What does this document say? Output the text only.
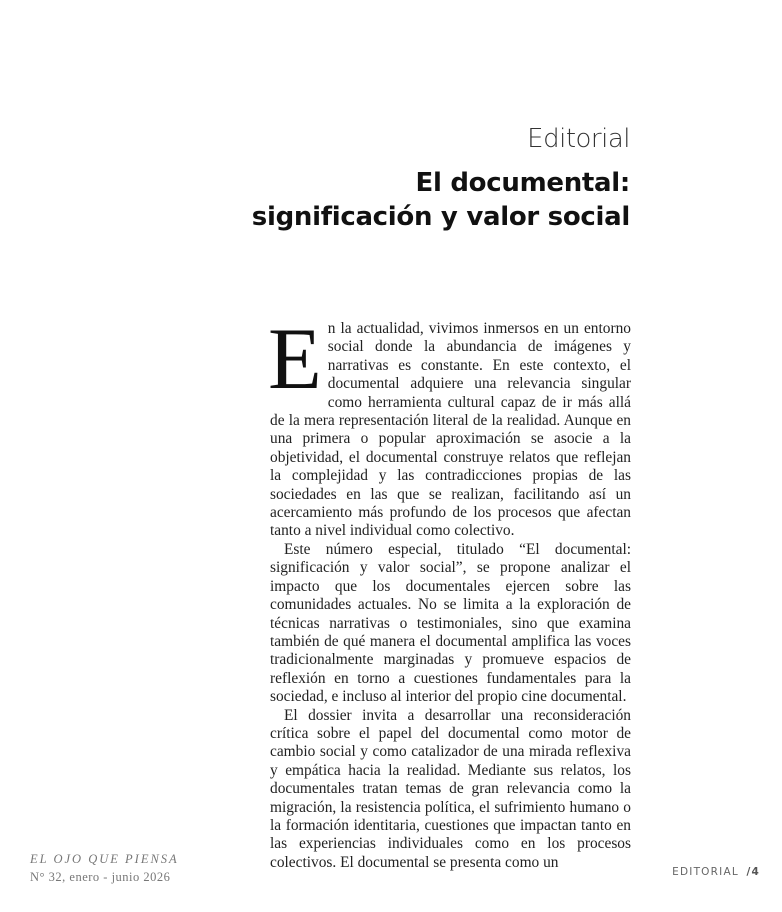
Editorial
El documental:
significación y valor social

En la actualidad, vivimos inmersos en un entorno social donde la abundancia de imágenes y narrativas es constante. En este contexto, el documental adquiere una relevancia singular como herramienta cultural capaz de ir más allá de la mera representación literal de la realidad. Aunque en una primera o popular aproximación se asocie a la objetividad, el documental construye relatos que reflejan la complejidad y las contradicciones propias de las sociedades en las que se realizan, facilitando así un acercamiento más profundo de los procesos que afectan tanto a nivel individual como colectivo.

Este número especial, titulado “El documental: significación y valor social”, se propone analizar el impacto que los documentales ejercen sobre las comunidades actuales. No se limita a la exploración de técnicas narrativas o testimoniales, sino que examina también de qué manera el documental amplifica las voces tradicionalmente marginadas y promueve espacios de reflexión en torno a cuestiones fundamentales para la sociedad, e incluso al interior del propio cine documental.

El dossier invita a desarrollar una reconsideración crítica sobre el papel del documental como motor de cambio social y como catalizador de una mirada reflexiva y empática hacia la realidad. Mediante sus relatos, los documentales tratan temas de gran relevancia como la migración, la resistencia política, el sufrimiento humano o la formación identitaria, cuestiones que impactan tanto en las experiencias individuales como en los procesos colectivos. El documental se presenta como un

EL OJO QUE PIENSA
N° 32, enero - junio 2026	EDITORIAL /4
